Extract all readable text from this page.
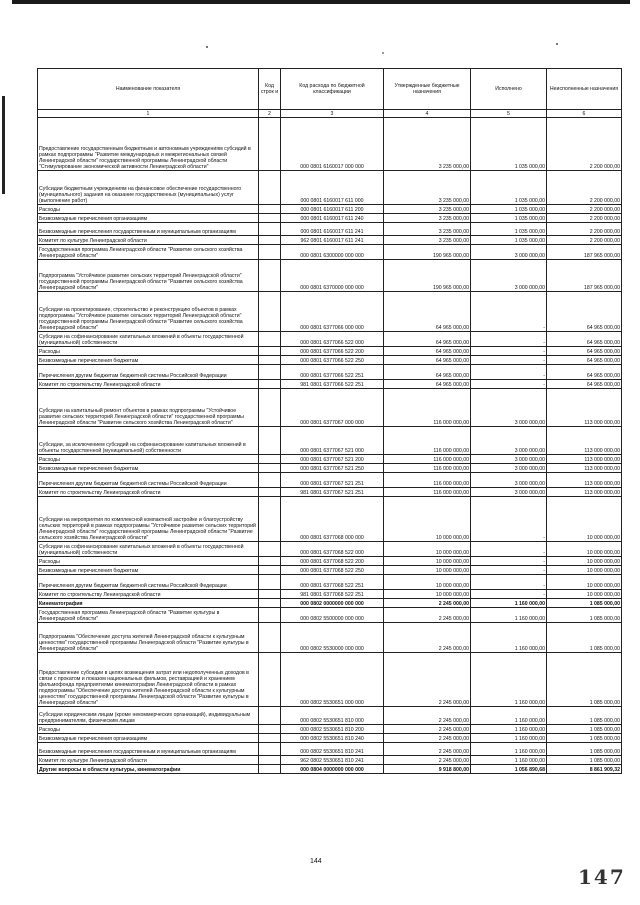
Наименование показателя	Код строк и	Код расхода по бюджетной классификации	Утвержденные бюджетные назначения	Исполнено	Неисполненные назначения
1	2	3	4	5	6
Предоставление государственным бюджетным и автономным учреждениям субсидий в рамках подпрограммы "Развитие международных и межрегиональных связей Ленинградской области" государственной программы Ленинградской области "Стимулирование экономической активности Ленинградской области"		000 0801 6160017 000 000	3 235 000,00	1 035 000,00	2 200 000,00
Субсидии бюджетным учреждениям на финансовое обеспечение государственного (муниципального) задания на оказание государственных (муниципальных) услуг (выполнение работ)		000 0801 6160017 611 000	3 235 000,00	1 035 000,00	2 200 000,00
Расходы		000 0801 6160017 611 200	3 235 000,00	1 035 000,00	2 200 000,00
Безвозмездные перечисления организациям		000 0801 6160017 611 240	3 235 000,00	1 035 000,00	2 200 000,00
Безвозмездные перечисления государственным и муниципальным организациям		000 0801 6160017 611 241	3 235 000,00	1 035 000,00	2 200 000,00
Комитет по культуре Ленинградской области		962 0801 6160017 611 241	3 235 000,00	1 035 000,00	2 200 000,00
Государственная программа Ленинградской области "Развитие сельского хозяйства Ленинградской области"		000 0801 6300000 000 000	190 965 000,00	3 000 000,00	187 965 000,00
Подпрограмма "Устойчивое развитие сельских территорий Ленинградской области" государственной программы Ленинградской области "Развитие сельского хозяйства Ленинградской области"		000 0801 6370000 000 000	190 965 000,00	3 000 000,00	187 965 000,00
Субсидии на проектирование, строительство и реконструкцию объектов в рамках подпрограммы "Устойчивое развитие сельских территорий Ленинградской области" государственной программы Ленинградской области "Развитие сельского хозяйства Ленинградской области"		000 0801 6377066 000 000	64 965 000,00	-	64 965 000,00
Субсидии на софинансирование капитальных вложений в объекты государственной (муниципальной) собственности		000 0801 6377066 522 000	64 965 000,00	-	64 965 000,00
Расходы		000 0801 6377066 522 200	64 965 000,00	-	64 965 000,00
Безвозмездные перечисления бюджетам		000 0801 6377066 522 250	64 965 000,00	-	64 965 000,00
Перечисления другим бюджетам бюджетной системы Российской Федерации		000 0801 6377066 522 251	64 965 000,00	-	64 965 000,00
Комитет по строительству Ленинградской области		981 0801 6377066 522 251	64 965 000,00	-	64 965 000,00
Субсидии на капитальный ремонт объектов в рамках подпрограммы "Устойчивое развитие сельских территорий Ленинградской области" государственной программы Ленинградской области "Развитие сельского хозяйства Ленинградской области"		000 0801 6377067 000 000	116 000 000,00	3 000 000,00	113 000 000,00
Субсидии, за исключением субсидий на софинансирование капитальных вложений в объекты государственной (муниципальной) собственности		000 0801 6377067 521 000	116 000 000,00	3 000 000,00	113 000 000,00
Расходы		000 0801 6377067 521 200	116 000 000,00	3 000 000,00	113 000 000,00
Безвозмездные перечисления бюджетам		000 0801 6377067 521 250	116 000 000,00	3 000 000,00	113 000 000,00
Перечисления другим бюджетам бюджетной системы Российской Федерации		000 0801 6377067 521 251	116 000 000,00	3 000 000,00	113 000 000,00
Комитет по строительству Ленинградской области		981 0801 6377067 521 251	116 000 000,00	3 000 000,00	113 000 000,00
Субсидии на мероприятия по комплексной компактной застройке и благоустройству сельских территорий в рамках подпрограммы "Устойчивое развитие сельских территорий Ленинградской области" государственной программы Ленинградской области "Развитие сельского хозяйства Ленинградской области"		000 0801 6377068 000 000	10 000 000,00	-	10 000 000,00
Субсидии на софинансирование капитальных вложений в объекты государственной (муниципальной) собственности		000 0801 6377068 522 000	10 000 000,00	-	10 000 000,00
Расходы		000 0801 6377068 522 200	10 000 000,00	-	10 000 000,00
Безвозмездные перечисления бюджетам		000 0801 6377068 522 250	10 000 000,00	-	10 000 000,00
Перечисления другим бюджетам бюджетной системы Российской Федерации		000 0801 6377068 522 251	10 000 000,00	-	10 000 000,00
Комитет по строительству Ленинградской области		981 0801 6377068 522 251	10 000 000,00	-	10 000 000,00
Кинематография		000 0802 0000000 000 000	2 245 000,00	1 160 000,00	1 085 000,00
Государственная программа Ленинградской области "Развитие культуры в Ленинградской области"		000 0802 5500000 000 000	2 245 000,00	1 160 000,00	1 085 000,00
Подпрограмма "Обеспечение доступа жителей Ленинградской области к культурным ценностям" государственной программы Ленинградской области "Развитие культуры в Ленинградской области"		000 0802 5530000 000 000	2 245 000,00	1 160 000,00	1 085 000,00
Предоставление субсидии в целях возмещения затрат или недополученных доходов в связи с прокатом и показом национальных фильмов, реставрацией и хранением фильмофонда предприятиями кинематографии Ленинградской области в рамках подпрограммы "Обеспечение доступа жителей Ленинградской области к культурным ценностям" государственной программы Ленинградской области "Развитие культуры в Ленинградской области"		000 0802 5530651 000 000	2 245 000,00	1 160 000,00	1 085 000,00
Субсидии юридическим лицам (кроме некоммерческих организаций), индивидуальным предпринимателям, физическим лицам		000 0802 5530651 810 000	2 245 000,00	1 160 000,00	1 085 000,00
Расходы		000 0802 5530651 810 200	2 245 000,00	1 160 000,00	1 085 000,00
Безвозмездные перечисления организациям		000 0802 5530651 810 240	2 245 000,00	1 160 000,00	1 085 000,00
Безвозмездные перечисления государственным и муниципальным организациям		000 0802 5530651 810 241	2 245 000,00	1 160 000,00	1 085 000,00
Комитет по культуре Ленинградской области		962 0802 5530651 810 241	2 245 000,00	1 160 000,00	1 085 000,00
Другие вопросы в области культуры, кинематографии		000 0804 0000000 000 000	9 918 800,00	1 056 890,68	8 861 909,32
144
147
